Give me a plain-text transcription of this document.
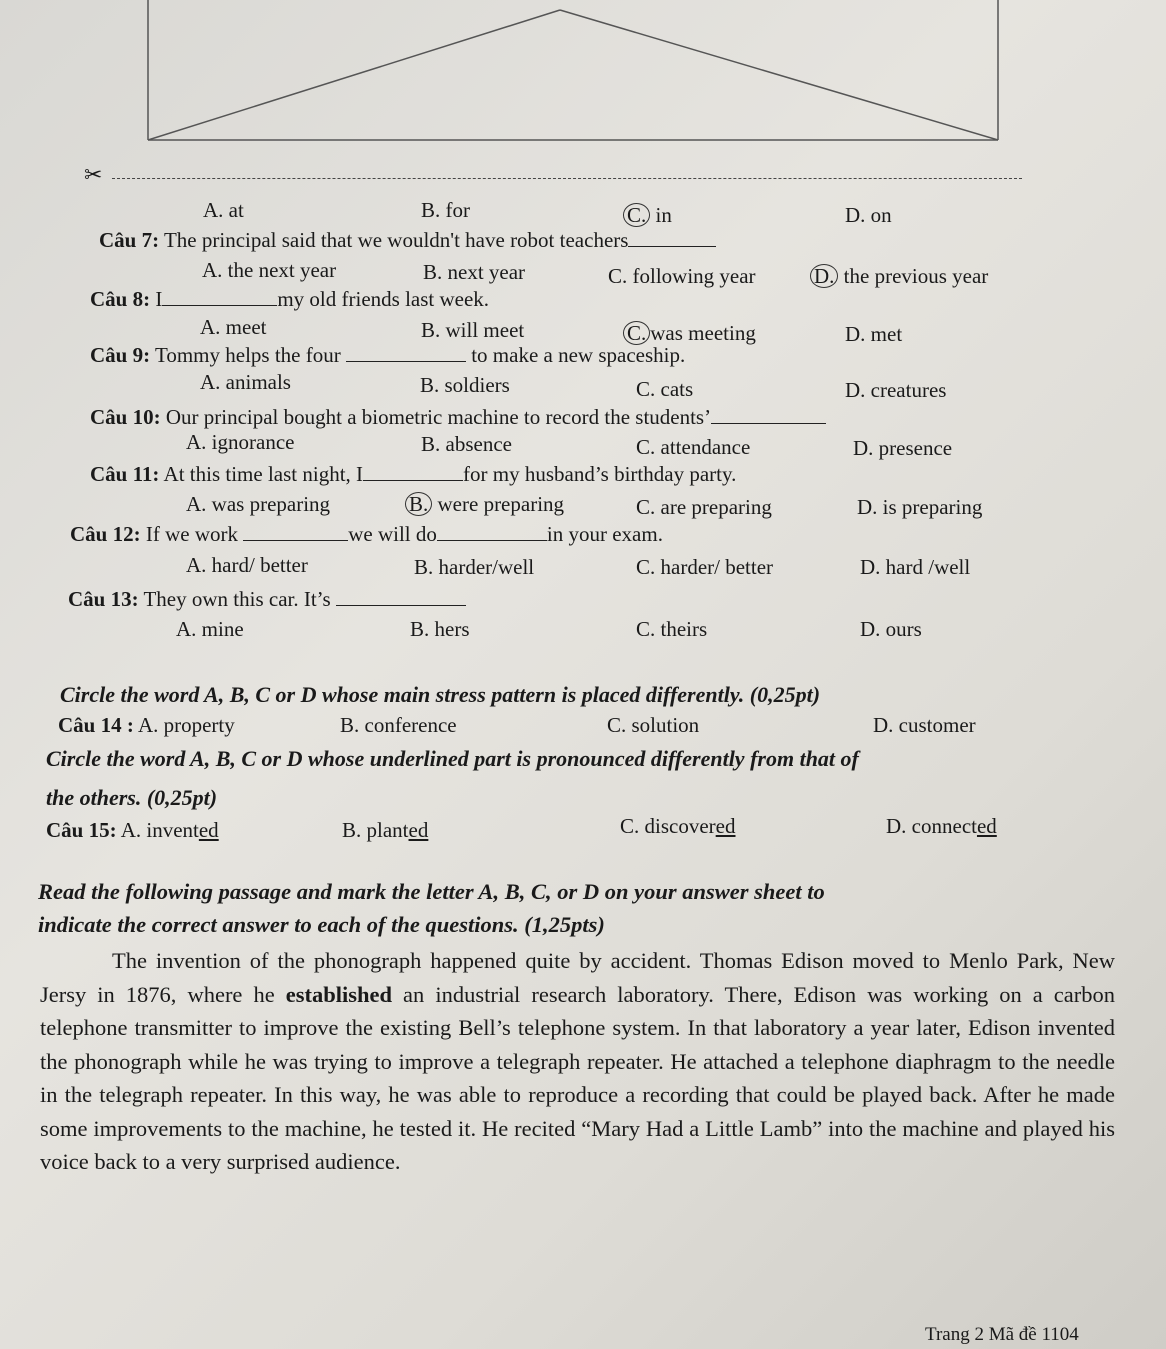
✂
A. at	B. for	C. in	D. on
Câu 7: The principal said that we wouldn't have robot teachers
A. the next year	B. next year	C. following year	D. the previous year
Câu 8: I	my old friends last week.
A. meet	B. will meet	C. was meeting	D. met
Câu 9: Tommy helps the four	to make a new spaceship.
A. animals	B. soldiers	C. cats	D. creatures
Câu 10: Our principal bought a biometric machine to record the students’
A. ignorance	B. absence	C. attendance	D. presence
Câu 11: At this time last night, I	for my husband’s birthday party.
A. was preparing	B. were preparing	C. are preparing	D. is preparing
Câu 12: If we work	we will do	in your exam.
A. hard/ better	B. harder/well	C. harder/ better	D. hard /well
Câu 13: They own this car. It’s
A. mine	B. hers	C. theirs	D. ours
Circle the word A, B, C or D whose main stress pattern is placed differently. (0,25pt)
Câu 14 : A. property	B. conference	C. solution	D. customer
Circle the word A, B, C or D whose underlined part is pronounced differently from that of
the others. (0,25pt)
Câu 15: A. invented	B. planted	C. discovered	D. connected
Read the following passage and mark the letter A, B, C, or D on your answer sheet to
indicate the correct answer to each of the questions. (1,25pts)

The invention of the phonograph happened quite by accident. Thomas Edison moved to Menlo Park, New Jersy in 1876, where he established an industrial research laboratory. There, Edison was working on a carbon telephone transmitter to improve the existing Bell’s telephone system. In that laboratory a year later, Edison invented the phonograph while he was trying to improve a telegraph repeater. He attached a telephone diaphragm to the needle in the telegraph repeater. In this way, he was able to reproduce a recording that could be played back. After he made some improvements to the machine, he tested it. He recited “Mary Had a Little Lamb” into the machine and played his voice back to a very surprised audience.

Trang 2 Mã đề 1104
